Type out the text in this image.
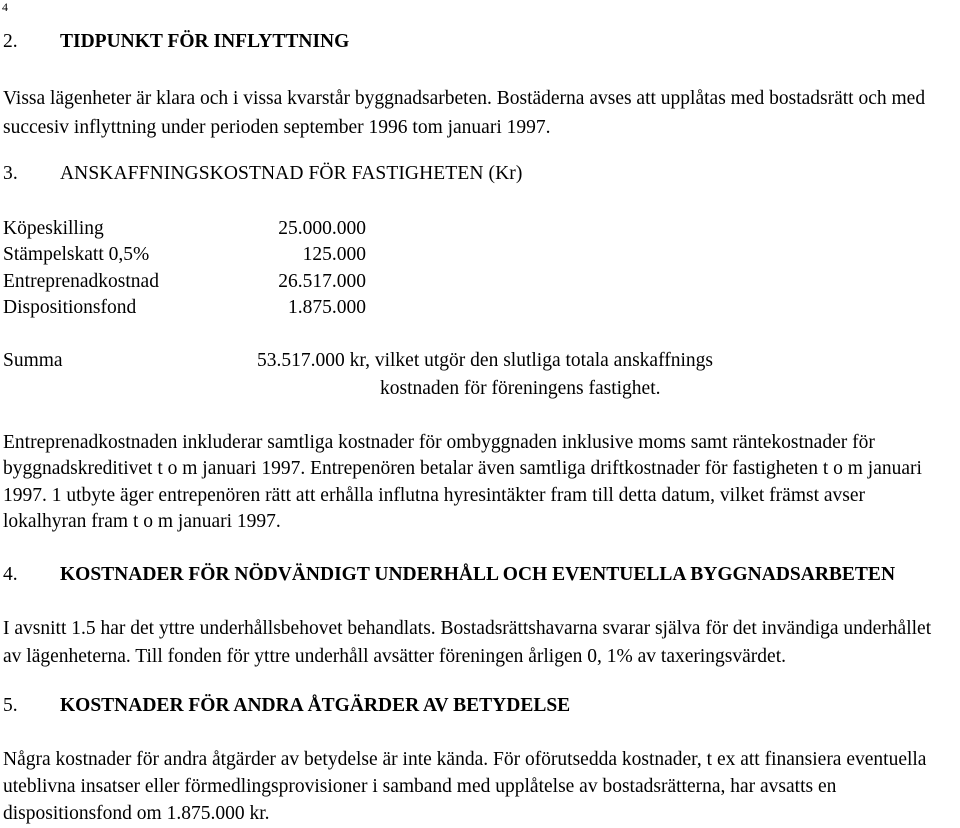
4
2. TIDPUNKT FÖR INFLYTTNING
Vissa lägenheter är klara och i vissa kvarstår byggnadsarbeten. Bostäderna avses att upplåtas med bostadsrätt och med
succesiv inflyttning under perioden september 1996 tom januari 1997.
3. ANSKAFFNINGSKOSTNAD FÖR FASTIGHETEN (Kr)
Köpeskilling	25.000.000
Stämpelskatt 0,5%	125.000
Entreprenadkostnad	26.517.000
Dispositionsfond	1.875.000
Summa	53.517.000 kr, vilket utgör den slutliga totala anskaffnings
kostnaden för föreningens fastighet.
Entreprenadkostnaden inkluderar samtliga kostnader för ombyggnaden inklusive moms samt räntekostnader för
byggnadskreditivet t o m januari 1997. Entrepenören betalar även samtliga driftkostnader för fastigheten t o m januari
1997. 1 utbyte äger entrepenören rätt att erhålla influtna hyresintäkter fram till detta datum, vilket främst avser
lokalhyran fram t o m januari 1997.
4. KOSTNADER FÖR NÖDVÄNDIGT UNDERHÅLL OCH EVENTUELLA BYGGNADSARBETEN
I avsnitt 1.5 har det yttre underhållsbehovet behandlats. Bostadsrättshavarna svarar själva för det invändiga underhållet
av lägenheterna. Till fonden för yttre underhåll avsätter föreningen årligen 0, 1% av taxeringsvärdet.
5. KOSTNADER FÖR ANDRA ÅTGÄRDER AV BETYDELSE
Några kostnader för andra åtgärder av betydelse är inte kända. För oförutsedda kostnader, t ex att finansiera eventuella
uteblivna insatser eller förmedlingsprovisioner i samband med upplåtelse av bostadsrätterna, har avsatts en
dispositionsfond om 1.875.000 kr.
